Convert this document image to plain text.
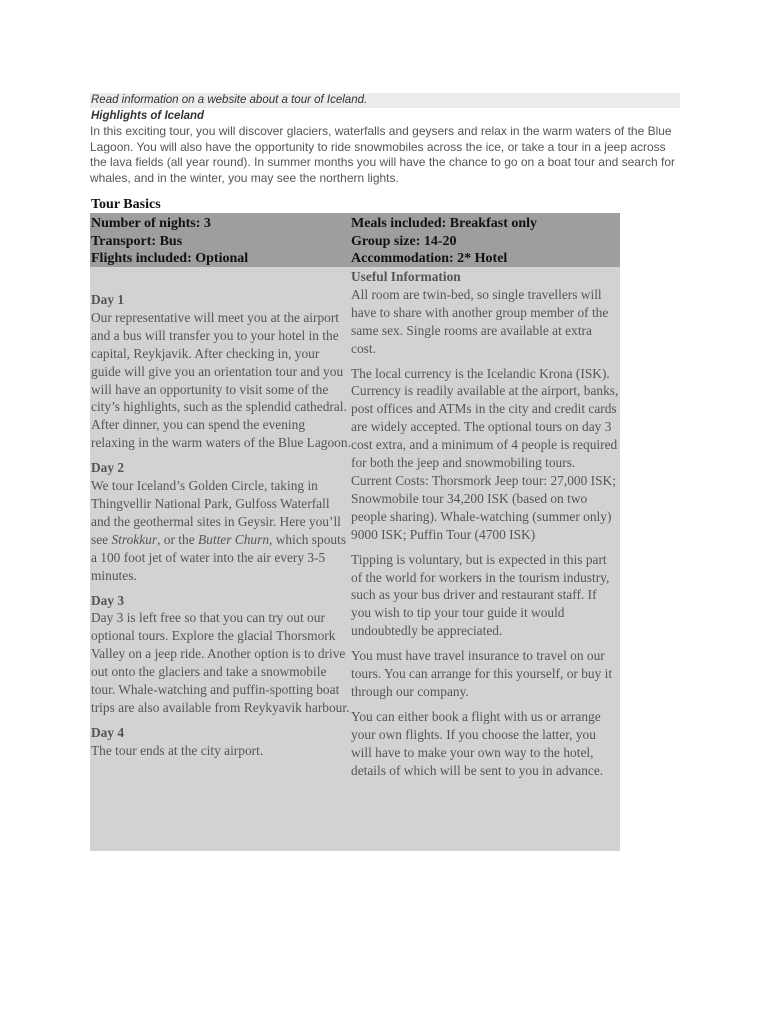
Read information on a website about a tour of Iceland.
Highlights of Iceland
In this exciting tour, you will discover glaciers, waterfalls and geysers and relax in the warm waters of the Blue Lagoon. You will also have the opportunity to ride snowmobiles across the ice, or take a tour in a jeep across the lava fields (all year round). In summer months you will have the chance to go on a boat tour and search for whales, and in the winter, you may see the northern lights.
Tour Basics
Number of nights: 3
Transport: Bus
Flights included: Optional
Meals included: Breakfast only
Group size: 14-20
Accommodation: 2* Hotel
Day 1

Our representative will meet you at the airport and a bus will transfer you to your hotel in the capital, Reykjavik. After checking in, your guide will give you an orientation tour and you will have an opportunity to visit some of the city’s highlights, such as the splendid cathedral. After dinner, you can spend the evening relaxing in the warm waters of the Blue Lagoon.

Day 2

We tour Iceland’s Golden Circle, taking in Thingvellir National Park, Gulfoss Waterfall and the geothermal sites in Geysir. Here you’ll see Strokkur, or the Butter Churn, which spouts a 100 foot jet of water into the air every 3-5 minutes.

Day 3

Day 3 is left free so that you can try out our optional tours. Explore the glacial Thorsmork Valley on a jeep ride. Another option is to drive out onto the glaciers and take a snowmobile tour. Whale-watching and puffin-spotting boat trips are also available from Reykyavik harbour.

Day 4

The tour ends at the city airport.

Useful Information

All room are twin-bed, so single travellers will have to share with another group member of the same sex. Single rooms are available at extra cost.

The local currency is the Icelandic Krona (ISK). Currency is readily available at the airport, banks, post offices and ATMs in the city and credit cards are widely accepted. The optional tours on day 3 cost extra, and a minimum of 4 people is required for both the jeep and snowmobiling tours. Current Costs: Thorsmork Jeep tour: 27,000 ISK; Snowmobile tour 34,200 ISK (based on two people sharing). Whale-watching (summer only) 9000 ISK; Puffin Tour (4700 ISK)

Tipping is voluntary, but is expected in this part of the world for workers in the tourism industry, such as your bus driver and restaurant staff. If you wish to tip your tour guide it would undoubtedly be appreciated.

You must have travel insurance to travel on our tours. You can arrange for this yourself, or buy it through our company.

You can either book a flight with us or arrange your own flights. If you choose the latter, you will have to make your own way to the hotel, details of which will be sent to you in advance.
